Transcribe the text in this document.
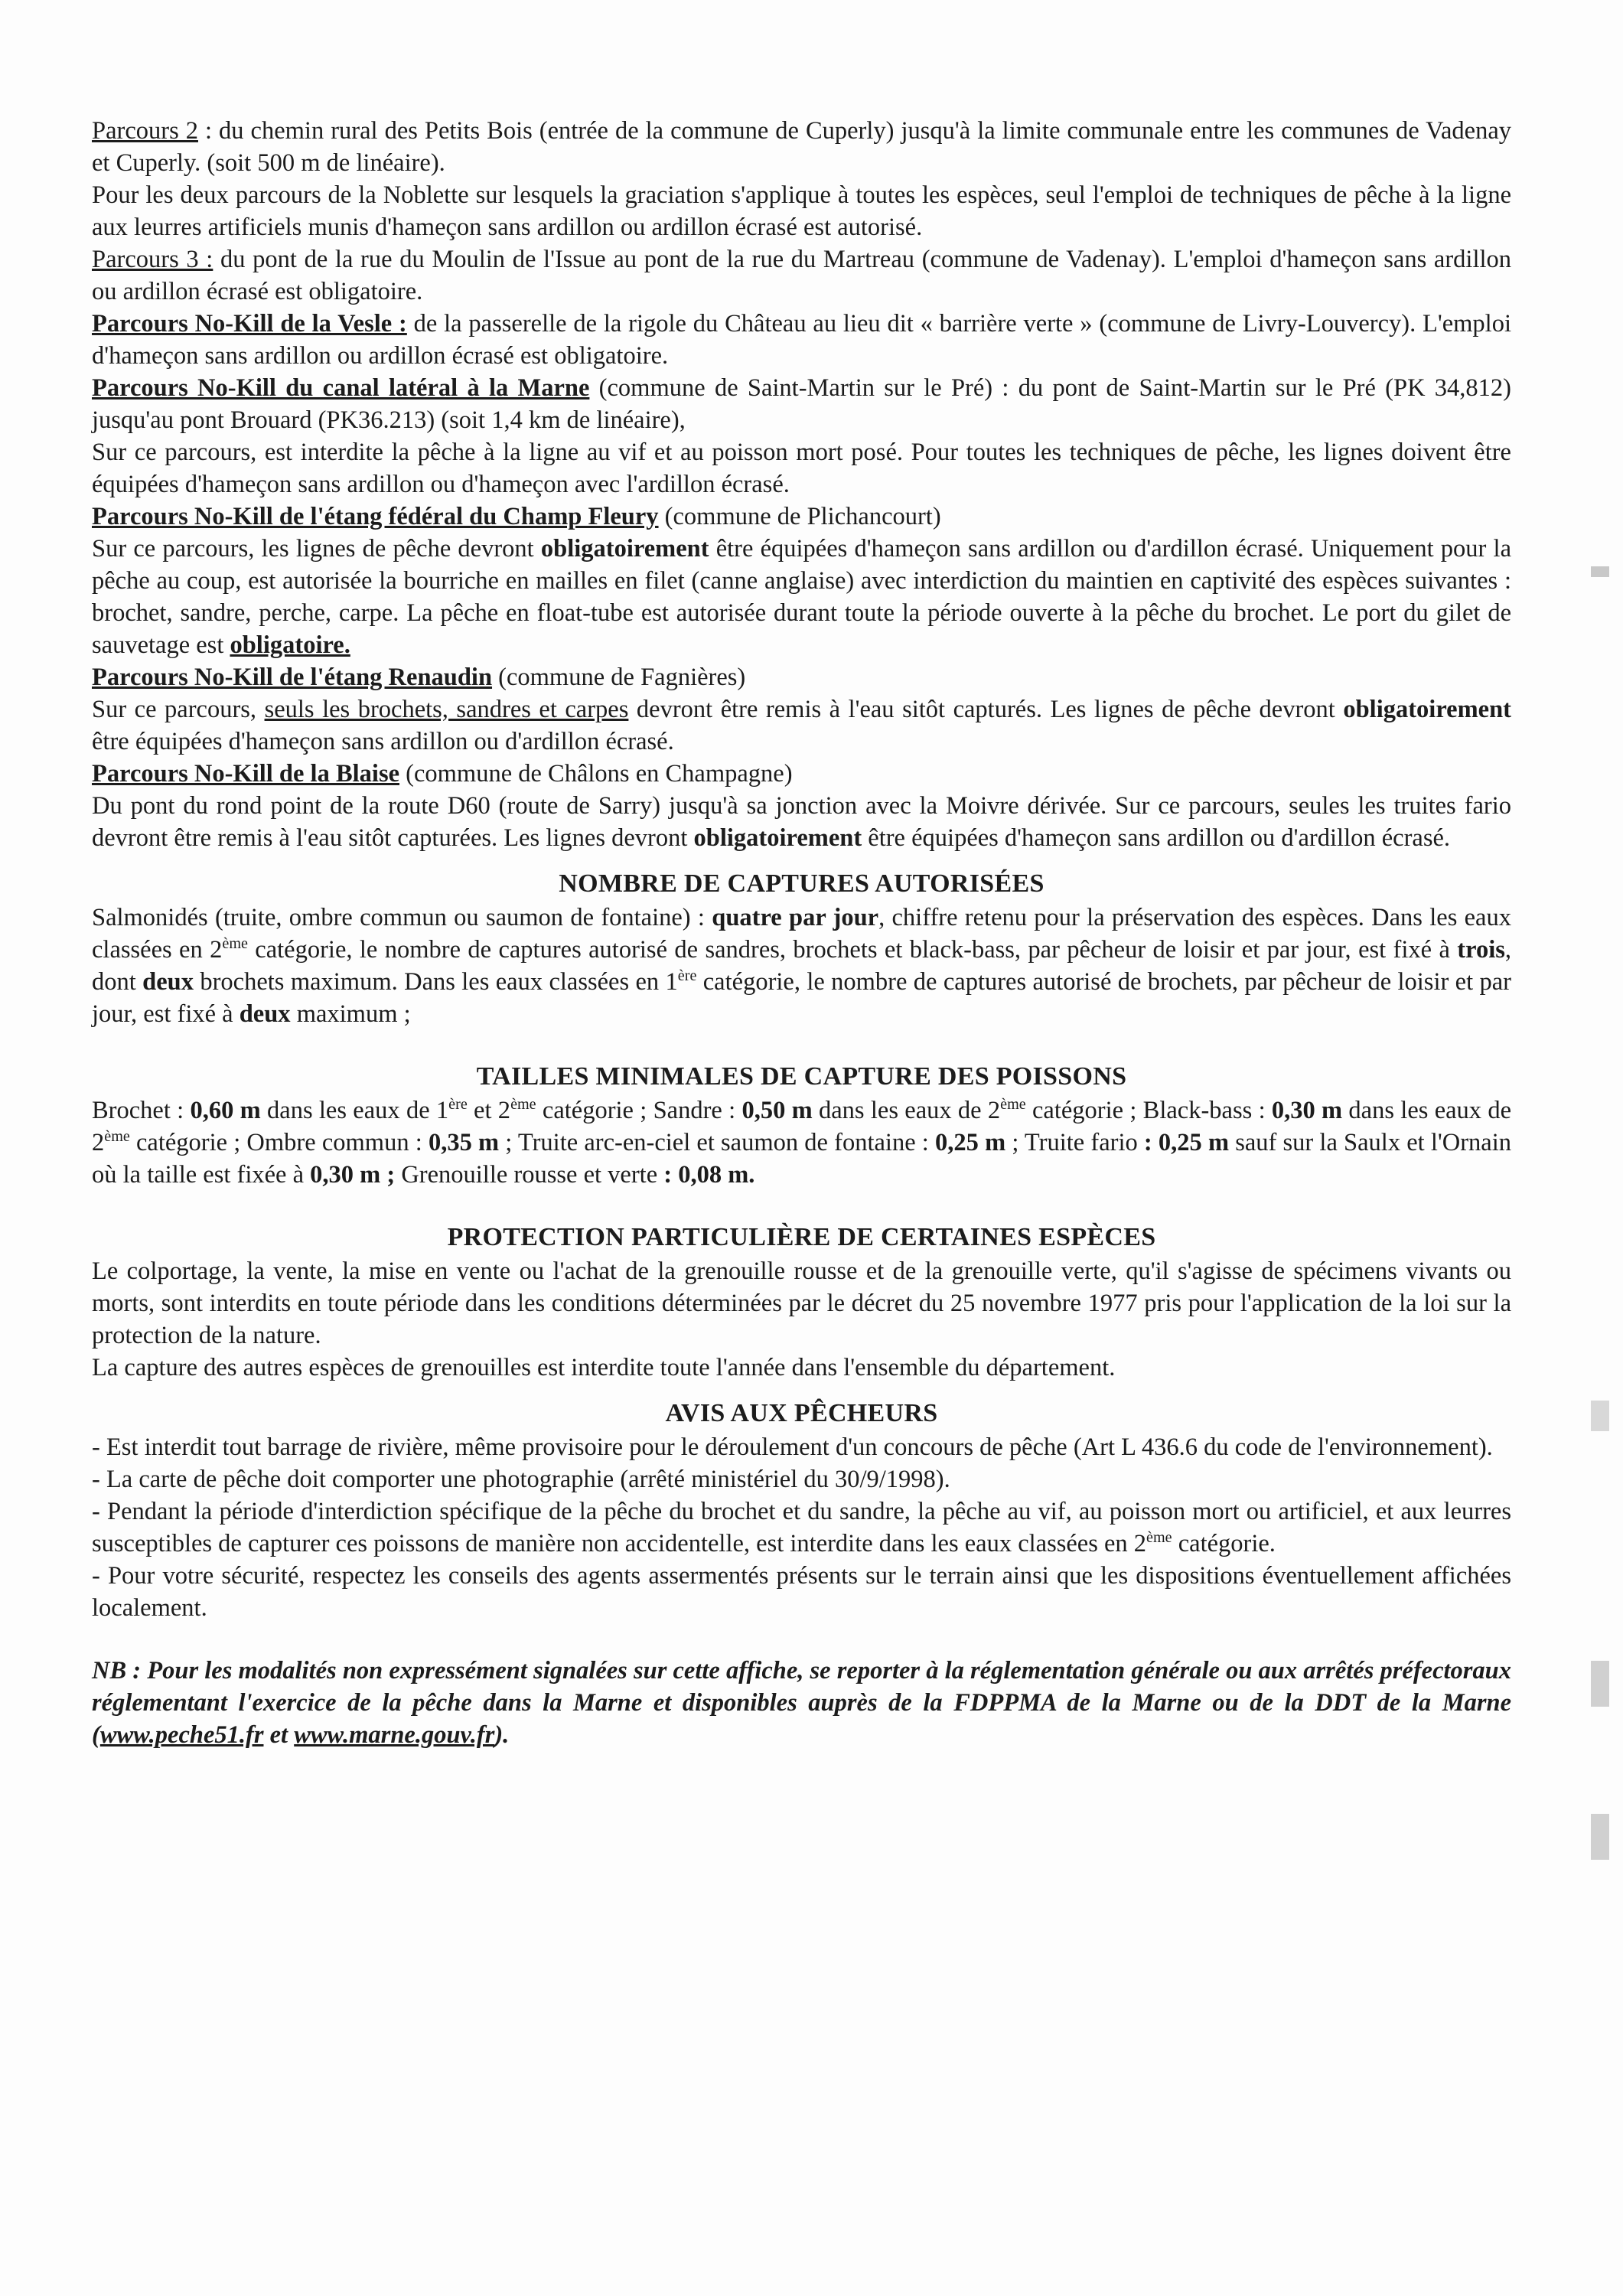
Parcours 2 : du chemin rural des Petits Bois (entrée de la commune de Cuperly) jusqu'à la limite communale entre les communes de Vadenay et Cuperly. (soit 500 m de linéaire).

Pour les deux parcours de la Noblette sur lesquels la graciation s'applique à toutes les espèces, seul l'emploi de techniques de pêche à la ligne aux leurres artificiels munis d'hameçon sans ardillon ou ardillon écrasé est autorisé.

Parcours 3 : du pont de la rue du Moulin de l'Issue au pont de la rue du Martreau (commune de Vadenay). L'emploi d'hameçon sans ardillon ou ardillon écrasé est obligatoire.

Parcours No-Kill de la Vesle : de la passerelle de la rigole du Château au lieu dit « barrière verte » (commune de Livry-Louvercy). L'emploi d'hameçon sans ardillon ou ardillon écrasé est obligatoire.

Parcours No-Kill du canal latéral à la Marne (commune de Saint-Martin sur le Pré) : du pont de Saint-Martin sur le Pré (PK 34,812) jusqu'au pont Brouard (PK36.213) (soit 1,4 km de linéaire),

Sur ce parcours, est interdite la pêche à la ligne au vif et au poisson mort posé. Pour toutes les techniques de pêche, les lignes doivent être équipées d'hameçon sans ardillon ou d'hameçon avec l'ardillon écrasé.

Parcours No-Kill de l'étang fédéral du Champ Fleury (commune de Plichancourt)

Sur ce parcours, les lignes de pêche devront obligatoirement être équipées d'hameçon sans ardillon ou d'ardillon écrasé. Uniquement pour la pêche au coup, est autorisée la bourriche en mailles en filet (canne anglaise) avec interdiction du maintien en captivité des espèces suivantes : brochet, sandre, perche, carpe. La pêche en float-tube est autorisée durant toute la période ouverte à la pêche du brochet. Le port du gilet de sauvetage est obligatoire.

Parcours No-Kill de l'étang Renaudin (commune de Fagnières)

Sur ce parcours, seuls les brochets, sandres et carpes devront être remis à l'eau sitôt capturés. Les lignes de pêche devront obligatoirement être équipées d'hameçon sans ardillon ou d'ardillon écrasé.

Parcours No-Kill de la Blaise (commune de Châlons en Champagne)

Du pont du rond point de la route D60 (route de Sarry) jusqu'à sa jonction avec la Moivre dérivée. Sur ce parcours, seules les truites fario devront être remis à l'eau sitôt capturées. Les lignes devront obligatoirement être équipées d'hameçon sans ardillon ou d'ardillon écrasé.

NOMBRE DE CAPTURES AUTORISÉES

Salmonidés (truite, ombre commun ou saumon de fontaine) : quatre par jour, chiffre retenu pour la préservation des espèces. Dans les eaux classées en 2ème catégorie, le nombre de captures autorisé de sandres, brochets et black-bass, par pêcheur de loisir et par jour, est fixé à trois, dont deux brochets maximum. Dans les eaux classées en 1ère catégorie, le nombre de captures autorisé de brochets, par pêcheur de loisir et par jour, est fixé à deux maximum ;

TAILLES MINIMALES DE CAPTURE DES POISSONS

Brochet : 0,60 m dans les eaux de 1ère et 2ème catégorie ; Sandre : 0,50 m dans les eaux de 2ème catégorie ; Black-bass : 0,30 m dans les eaux de 2ème catégorie ; Ombre commun : 0,35 m ; Truite arc-en-ciel et saumon de fontaine : 0,25 m ; Truite fario : 0,25 m sauf sur la Saulx et l'Ornain où la taille est fixée à 0,30 m ; Grenouille rousse et verte : 0,08 m.

PROTECTION PARTICULIÈRE DE CERTAINES ESPÈCES

Le colportage, la vente, la mise en vente ou l'achat de la grenouille rousse et de la grenouille verte, qu'il s'agisse de spécimens vivants ou morts, sont interdits en toute période dans les conditions déterminées par le décret du 25 novembre 1977 pris pour l'application de la loi sur la protection de la nature.

La capture des autres espèces de grenouilles est interdite toute l'année dans l'ensemble du département.

AVIS AUX PÊCHEURS

- Est interdit tout barrage de rivière, même provisoire pour le déroulement d'un concours de pêche (Art L 436.6 du code de l'environnement).

- La carte de pêche doit comporter une photographie (arrêté ministériel du 30/9/1998).

- Pendant la période d'interdiction spécifique de la pêche du brochet et du sandre, la pêche au vif, au poisson mort ou artificiel, et aux leurres susceptibles de capturer ces poissons de manière non accidentelle, est interdite dans les eaux classées en 2ème catégorie.

- Pour votre sécurité, respectez les conseils des agents assermentés présents sur le terrain ainsi que les dispositions éventuellement affichées localement.

NB : Pour les modalités non expressément signalées sur cette affiche, se reporter à la réglementation générale ou aux arrêtés préfectoraux réglementant l'exercice de la pêche dans la Marne et disponibles auprès de la FDPPMA de la Marne ou de la DDT de la Marne (www.peche51.fr et www.marne.gouv.fr).
